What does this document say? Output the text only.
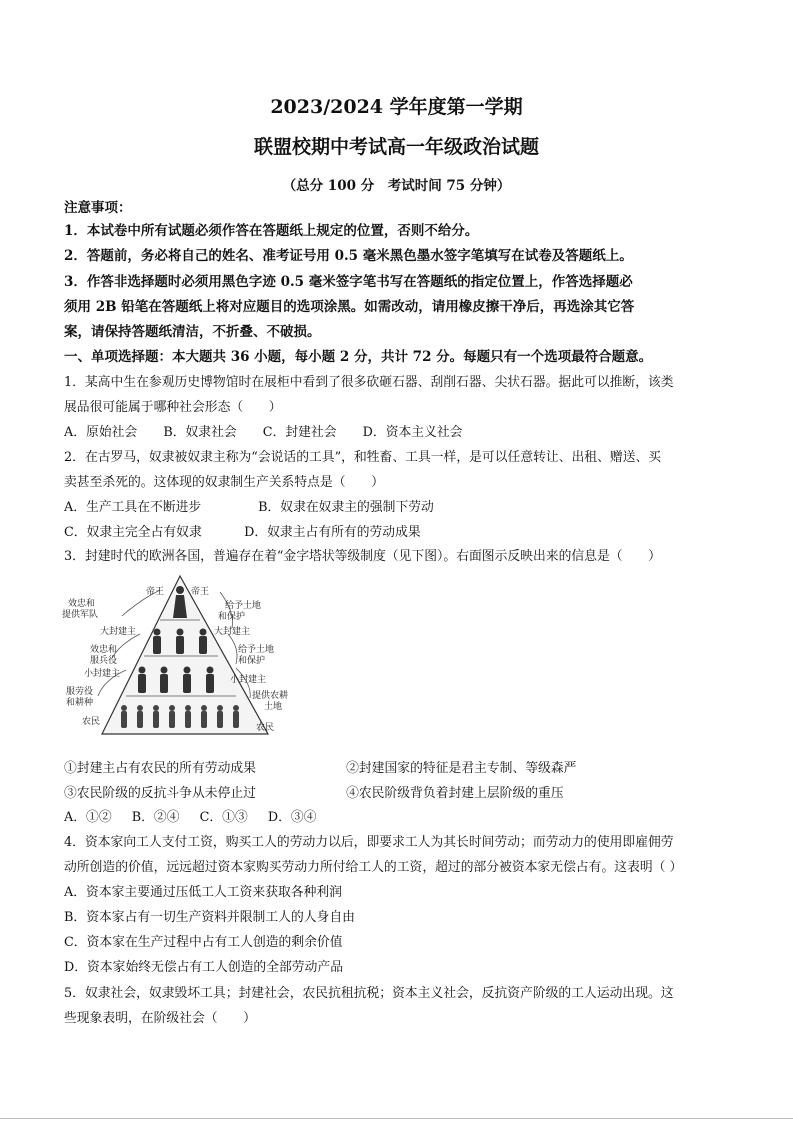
2023/2024 学年度第一学期
联盟校期中考试高一年级政治试题
（总分 100 分　考试时间 75 分钟）
注意事项：
1．本试卷中所有试题必须作答在答题纸上规定的位置，否则不给分。
2．答题前，务必将自己的姓名、准考证号用 0.5 毫米黑色墨水签字笔填写在试卷及答题纸上。
3．作答非选择题时必须用黑色字迹 0.5 毫米签字笔书写在答题纸的指定位置上，作答选择题必
须用 2B 铅笔在答题纸上将对应题目的选项涂黑。如需改动，请用橡皮擦干净后，再选涂其它答
案，请保持答题纸清洁，不折叠、不破损。
一、单项选择题：本大题共 36 小题，每小题 2 分，共计 72 分。每题只有一个选项最符合题意。
1．某高中生在参观历史博物馆时在展柜中看到了很多砍砸石器、刮削石器、尖状石器。据此可以推断，该类
展品很可能属于哪种社会形态（　　）
A．原始社会 B．奴隶社会 C．封建社会 D．资本主义社会
2．在古罗马，奴隶被奴隶主称为“会说话的工具”，和牲畜、工具一样，是可以任意转让、出租、赠送、买
卖甚至杀死的。这体现的奴隶制生产关系特点是（　　）
A．生产工具在不断进步	B．奴隶在奴隶主的强制下劳动
C．奴隶主完全占有奴隶	D．奴隶主占有所有的劳动成果
3．封建时代的欧洲各国，普遍存在着“金字塔状等级制度（见下图）。右面图示反映出来的信息是（　　）
帝王	帝王
效忠和
提供军队
给予土地
和保护
大封建主	大封建主
效忠和
服兵役
给予土地
和保护
小封建主
小封建主
服劳役
和耕种
提供农耕
土地
农民
农民
①封建主占有农民的所有劳动成果	②封建国家的特征是君主专制、等级森严
③农民阶级的反抗斗争从未停止过	④农民阶级背负着封建上层阶级的重压
A．①② B．②④ C．①③ D．③④
4．资本家向工人支付工资，购买工人的劳动力以后，即要求工人为其长时间劳动；而劳动力的使用即雇佣劳
动所创造的价值，远远超过资本家购买劳动力所付给工人的工资，超过的部分被资本家无偿占有。这表明（ ）
A．资本家主要通过压低工人工资来获取各种利润
B．资本家占有一切生产资料并限制工人的人身自由
C．资本家在生产过程中占有工人创造的剩余价值
D．资本家始终无偿占有工人创造的全部劳动产品
5．奴隶社会，奴隶毁坏工具；封建社会，农民抗租抗税；资本主义社会，反抗资产阶级的工人运动出现。这
些现象表明，在阶级社会（　　）
